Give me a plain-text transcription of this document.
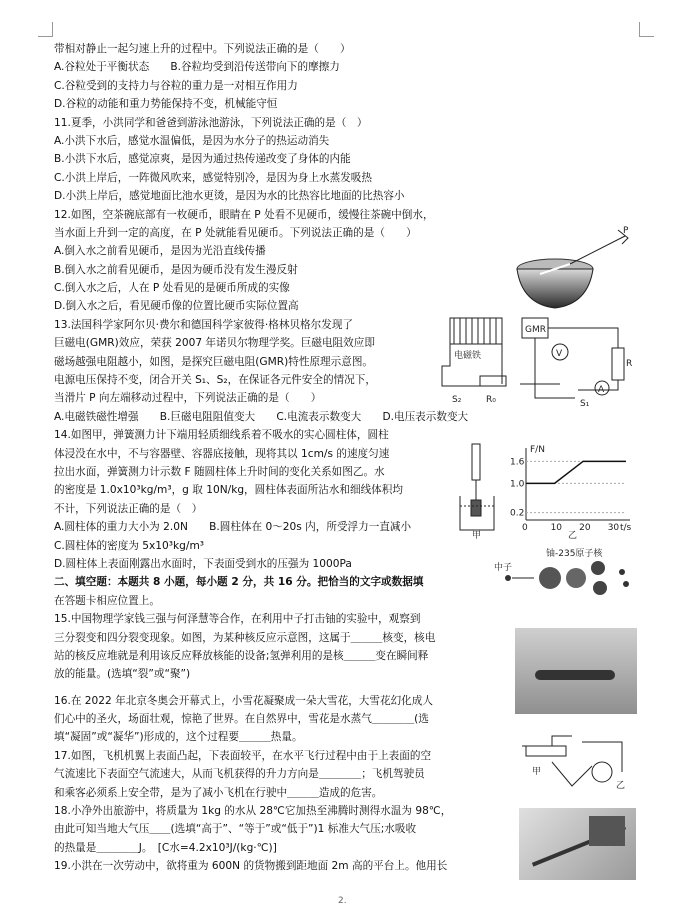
带相对静止一起匀速上升的过程中。下列说法正确的是（　　）
A.谷粒处于平衡状态　　B.谷粒均受到沿传送带向下的摩擦力
C.谷粒受到的支持力与谷粒的重力是一对相互作用力
D.谷粒的动能和重力势能保持不变，机械能守恒
11.夏季，小洪同学和爸爸到游泳池游泳，下列说法正确的是（　）
A.小洪下水后，感觉水温偏低，是因为水分子的热运动消失
B.小洪下水后，感觉凉爽，是因为通过热传递改变了身体的内能
C.小洪上岸后，一阵微风吹来，感觉特别冷，是因为身上水蒸发吸热
D.小洪上岸后，感觉地面比池水更烫，是因为水的比热容比地面的比热容小
12.如图，空茶碗底部有一枚硬币，眼睛在 P 处看不见硬币，缓慢往茶碗中倒水，
当水面上升到一定的高度，在 P 处就能看见硬币。下列说法正确的是（　　）
A.倒入水之前看见硬币，是因为光沿直线传播
B.倒入水之前看见硬币，是因为硬币没有发生漫反射
C.倒入水之后，人在 P 处看见的是硬币所成的实像
D.倒入水之后，看见硬币像的位置比硬币实际位置高
13.法国科学家阿尔贝·费尔和德国科学家彼得·格林贝格尔发现了
巨磁电(GMR)效应，荣获 2007 年诺贝尔物理学奖。巨磁电阻效应即
磁场越强电阻越小，如图，是探究巨磁电阻(GMR)特性原理示意图。
电源电压保持不变，闭合开关 S₁、S₂，在保证各元件安全的情况下，
当滑片 P 向左端移动过程中，下列说法正确的是（　　）
A.电磁铁磁性增强　　B.巨磁电阻阻值变大　　C.电流表示数变大　　D.电压表示数变大
14.如图甲，弹簧测力计下端用轻质细线系着不吸水的实心圆柱体，圆柱
体浸没在水中，不与容器壁、容器底接触，现将其以 1cm/s 的速度匀速
拉出水面，弹簧测力计示数 F 随圆柱体上升时间的变化关系如图乙。水
的密度是 1.0x10³kg/m³，g 取 10N/kg，圆柱体表面所沾水和细线体积均
不计，下列说法正确的是（　）
A.圆柱体的重力大小为 2.0N　　B.圆柱体在 0～20s 内，所受浮力一直减小
C.圆柱体的密度为 5x10³kg/m³
D.圆柱体上表面刚露出水面时，下表面受到水的压强为 1000Pa
二、填空题：本题共 8 小题，每小题 2 分，共 16 分。把恰当的文字或数据填
在答题卡相应位置上。
15.中国物理学家钱三强与何泽慧等合作，在利用中子打击铀的实验中，观察到
三分裂变和四分裂变现象。如图，为某种核反应示意图，这属于＿＿＿核变，核电
站的核反应堆就是利用该反应释放核能的设备;氢弹利用的是核＿＿＿变在瞬间释
放的能量。(选填“裂”或“聚”)
16.在 2022 年北京冬奥会开幕式上，小雪花凝聚成一朵大雪花，大雪花幻化成人
们心中的圣火，场面壮观，惊艳了世界。在自然界中，雪花是水蒸气＿＿＿＿(选
填“凝固”或“凝华”)形成的，这个过程要＿＿＿热量。
17.如图，飞机机翼上表面凸起，下表面较平，在水平飞行过程中由于上表面的空
气流速比下表面空气流速大，从而飞机获得的升力方向是＿＿＿＿；飞机驾驶员
和乘客必须系上安全带，是为了减小飞机在行驶中＿＿＿造成的危害。
18.小净外出旅游中，将质量为 1kg 的水从 28℃它加热至沸腾时测得水温为 98℃，
由此可知当地大气压＿＿(选填“高于”、“等于”或“低于”)1 标准大气压;水吸收
的热量是＿＿＿＿J。　[C水=4.2x10³J/(kg·℃)]
19.小洪在一次劳动中，欲将重为 600N 的货物搬到距地面 2m 高的平台上。他用长
P
GMR
电磁铁
S₂	R₀	S₁
V
A
R
甲
F/N
t/s
1.6
1.0
0.2
0	10 20 30
乙
中子
铀-235原子核
甲
乙
2.
